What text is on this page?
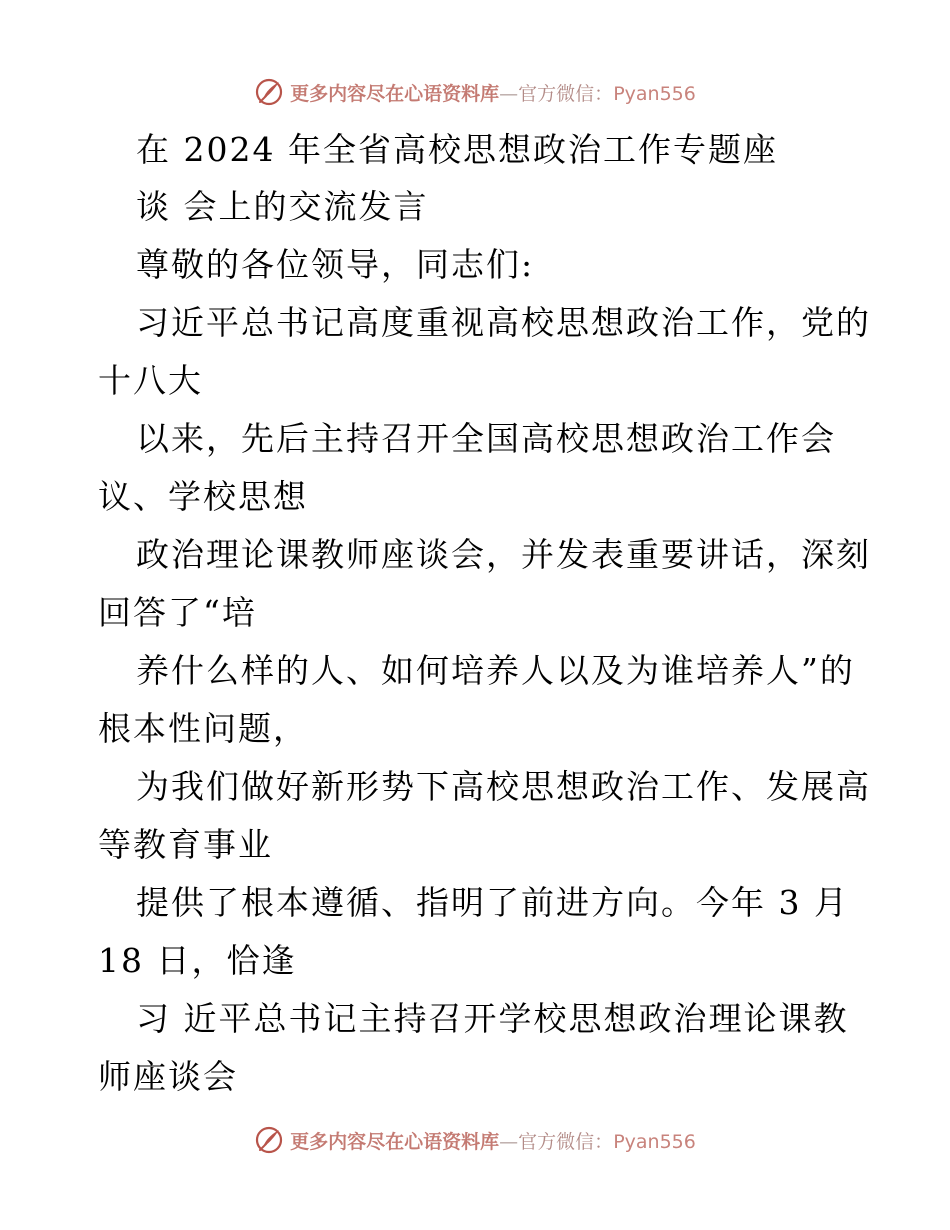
更多内容尽在心语资料库—官方微信：Pyan556
在 2024 年全省高校思想政治工作专题座
谈 会上的交流发言
尊敬的各位领导，同志们:
习近平总书记高度重视高校思想政治工作，党的
十八大
以来，先后主持召开全国高校思想政治工作会
议、学校思想
政治理论课教师座谈会，并发表重要讲话，深刻
回答了“培
养什么样的人、如何培养人以及为谁培养人”的
根本性问题，
为我们做好新形势下高校思想政治工作、发展高
等教育事业
提供了根本遵循、指明了前进方向。今年 3 月
18 日，恰逢
习 近平总书记主持召开学校思想政治理论课教
师座谈会
更多内容尽在心语资料库—官方微信：Pyan556
